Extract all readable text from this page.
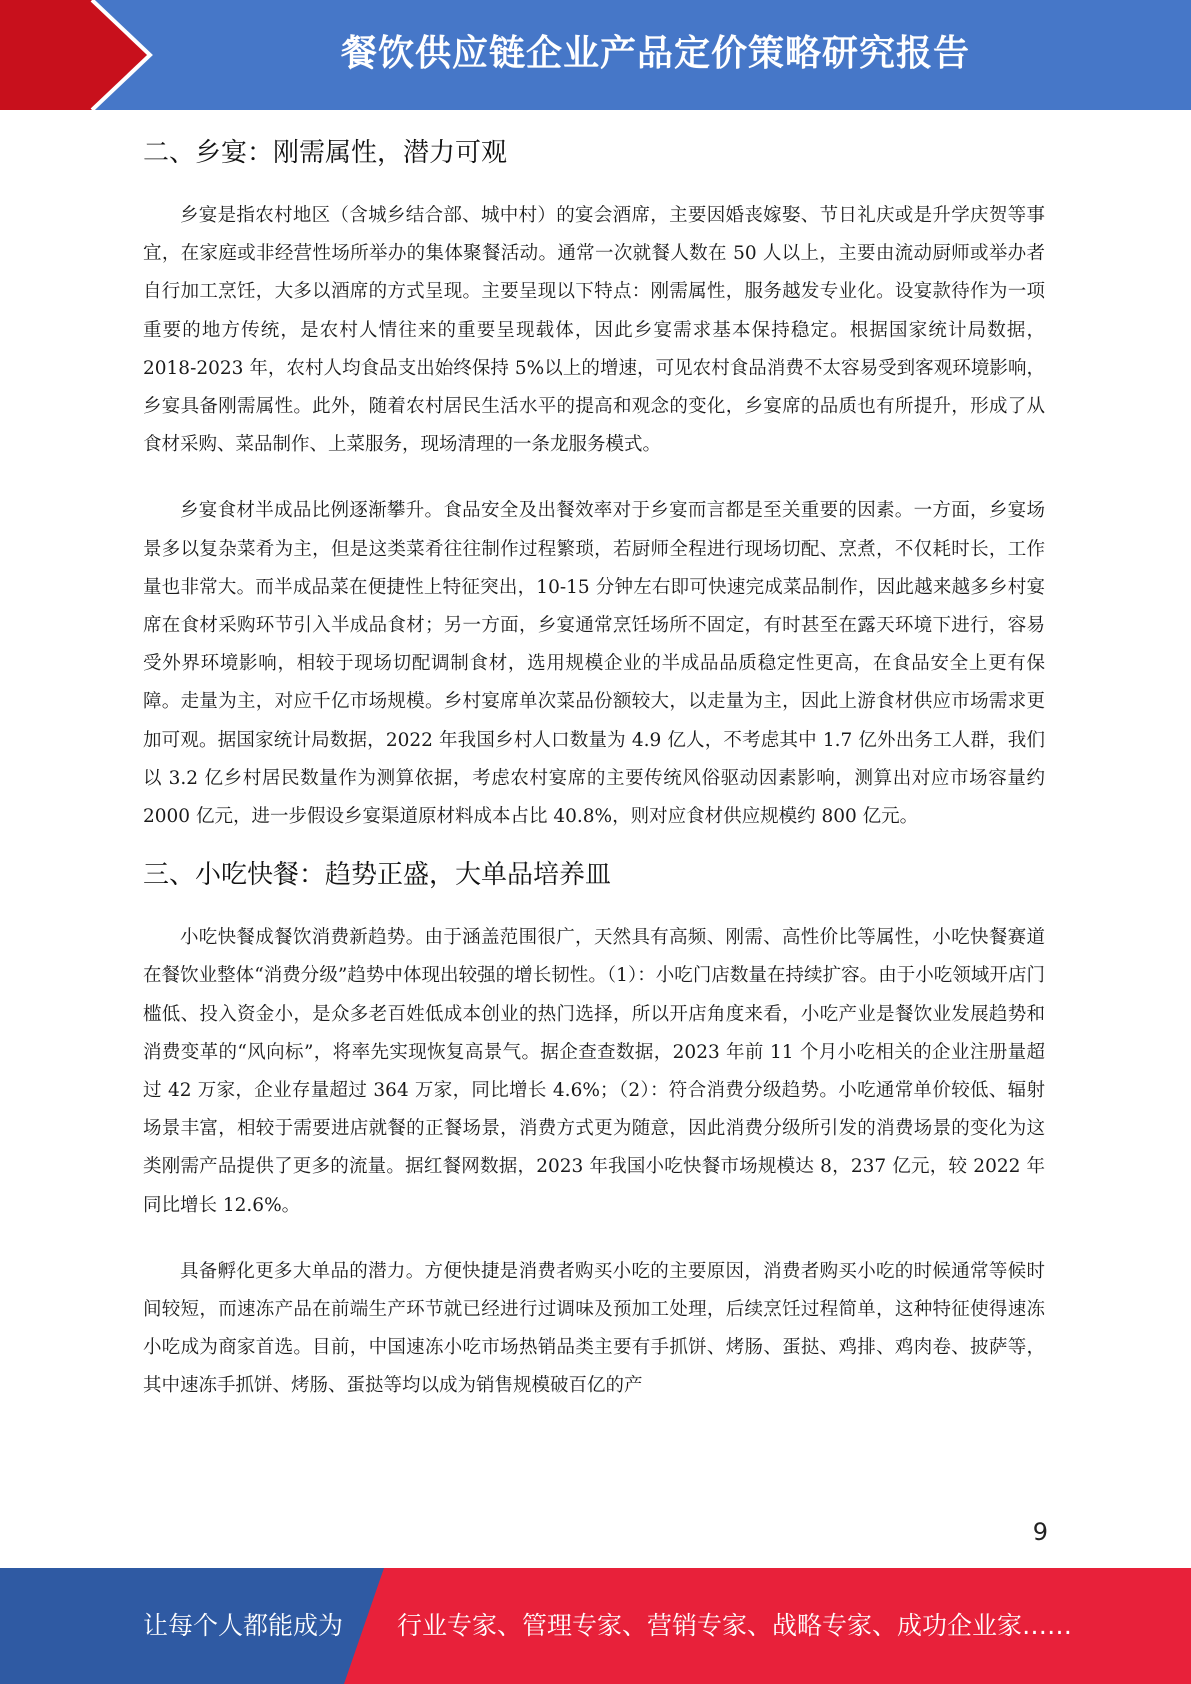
餐饮供应链企业产品定价策略研究报告
二、乡宴：刚需属性，潜力可观

乡宴是指农村地区（含城乡结合部、城中村）的宴会酒席，主要因婚丧嫁娶、节日礼庆或是升学庆贺等事宜，在家庭或非经营性场所举办的集体聚餐活动。通常一次就餐人数在 50 人以上，主要由流动厨师或举办者自行加工烹饪，大多以酒席的方式呈现。主要呈现以下特点：刚需属性，服务越发专业化。设宴款待作为一项重要的地方传统，是农村人情往来的重要呈现载体，因此乡宴需求基本保持稳定。根据国家统计局数据，2018-2023 年，农村人均食品支出始终保持 5%以上的增速，可见农村食品消费不太容易受到客观环境影响，乡宴具备刚需属性。此外，随着农村居民生活水平的提高和观念的变化，乡宴席的品质也有所提升，形成了从食材采购、菜品制作、上菜服务，现场清理的一条龙服务模式。

乡宴食材半成品比例逐渐攀升。食品安全及出餐效率对于乡宴而言都是至关重要的因素。一方面，乡宴场景多以复杂菜肴为主，但是这类菜肴往往制作过程繁琐，若厨师全程进行现场切配、烹煮，不仅耗时长，工作量也非常大。而半成品菜在便捷性上特征突出，10-15 分钟左右即可快速完成菜品制作，因此越来越多乡村宴席在食材采购环节引入半成品食材；另一方面，乡宴通常烹饪场所不固定，有时甚至在露天环境下进行，容易受外界环境影响，相较于现场切配调制食材，选用规模企业的半成品品质稳定性更高，在食品安全上更有保障。走量为主，对应千亿市场规模。乡村宴席单次菜品份额较大，以走量为主，因此上游食材供应市场需求更加可观。据国家统计局数据，2022 年我国乡村人口数量为 4.9 亿人，不考虑其中 1.7 亿外出务工人群，我们以 3.2 亿乡村居民数量作为测算依据，考虑农村宴席的主要传统风俗驱动因素影响，测算出对应市场容量约 2000 亿元，进一步假设乡宴渠道原材料成本占比 40.8%，则对应食材供应规模约 800 亿元。

三、小吃快餐：趋势正盛，大单品培养皿

小吃快餐成餐饮消费新趋势。由于涵盖范围很广，天然具有高频、刚需、高性价比等属性，小吃快餐赛道在餐饮业整体“消费分级”趋势中体现出较强的增长韧性。（1）：小吃门店数量在持续扩容。由于小吃领域开店门槛低、投入资金小，是众多老百姓低成本创业的热门选择，所以开店角度来看，小吃产业是餐饮业发展趋势和消费变革的“风向标”，将率先实现恢复高景气。据企查查数据，2023 年前 11 个月小吃相关的企业注册量超过 42 万家，企业存量超过 364 万家，同比增长 4.6%；（2）：符合消费分级趋势。小吃通常单价较低、辐射场景丰富，相较于需要进店就餐的正餐场景，消费方式更为随意，因此消费分级所引发的消费场景的变化为这类刚需产品提供了更多的流量。据红餐网数据，2023 年我国小吃快餐市场规模达 8，237 亿元，较 2022 年同比增长 12.6%。

具备孵化更多大单品的潜力。方便快捷是消费者购买小吃的主要原因，消费者购买小吃的时候通常等候时间较短，而速冻产品在前端生产环节就已经进行过调味及预加工处理，后续烹饪过程简单，这种特征使得速冻小吃成为商家首选。目前，中国速冻小吃市场热销品类主要有手抓饼、烤肠、蛋挞、鸡排、鸡肉卷、披萨等，其中速冻手抓饼、烤肠、蛋挞等均以成为销售规模破百亿的产

9
让每个人都能成为 行业专家、管理专家、营销专家、战略专家、成功企业家……
